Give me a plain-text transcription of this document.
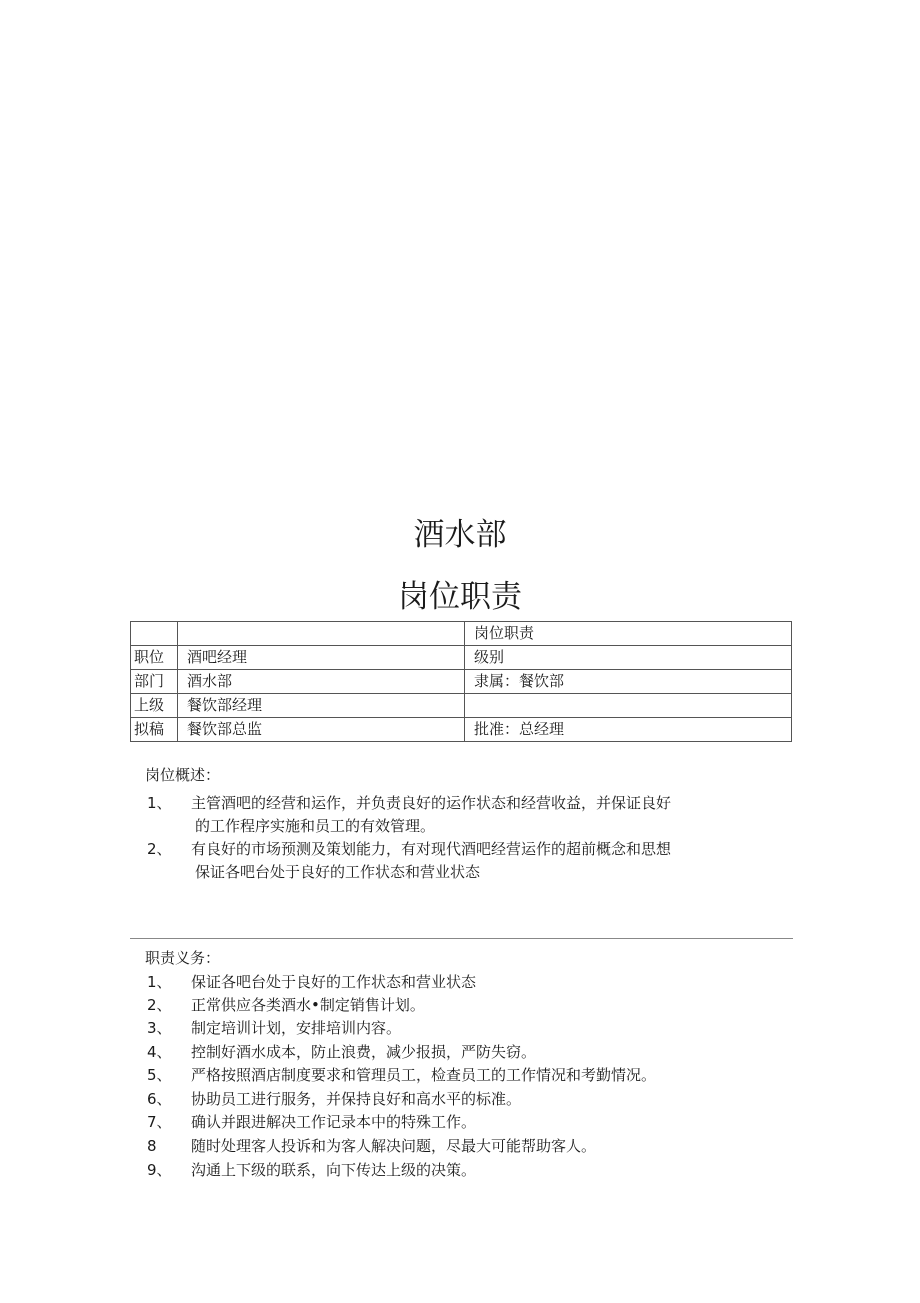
酒水部
岗位职责
		岗位职责
职位	酒吧经理	级别
部门	酒水部	隶属：餐饮部
上级	餐饮部经理	
拟稿	餐饮部总监	批准：总经理
岗位概述：
1、	主管酒吧的经营和运作，并负责良好的运作状态和经营收益，并保证良好
的工作程序实施和员工的有效管理。
2、	有良好的市场预测及策划能力，有对现代酒吧经营运作的超前概念和思想
保证各吧台处于良好的工作状态和营业状态
职责义务：
1、	保证各吧台处于良好的工作状态和营业状态
2、	正常供应各类酒水•制定销售计划。
3、	制定培训计划，安排培训内容。
4、	控制好酒水成本，防止浪费，减少报损，严防失窃。
5、	严格按照酒店制度要求和管理员工，检查员工的工作情况和考勤情况。
6、	协助员工进行服务，并保持良好和高水平的标准。
7、	确认并跟进解决工作记录本中的特殊工作。
8	随时处理客人投诉和为客人解决问题，尽最大可能帮助客人。
9、	沟通上下级的联系，向下传达上级的决策。
